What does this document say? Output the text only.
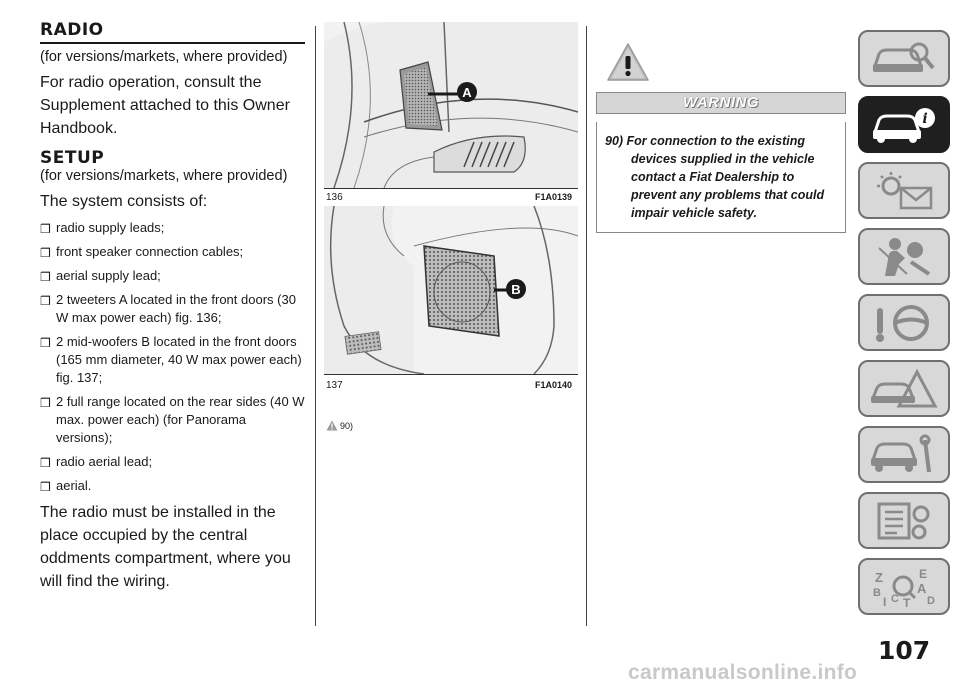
RADIO

(for versions/markets, where provided)

For radio operation, consult the Supplement attached to this Owner Handbook.

SETUP

(for versions/markets, where provided)

The system consists of:

❒ radio supply leads;
❒ front speaker connection cables;
❒ aerial supply lead;
❒ 2 tweeters A located in the front doors (30 W max power each) fig. 136;
❒ 2 mid-woofers B located in the front doors (165 mm diameter, 40 W max power each) fig. 137;
❒ 2 full range located on the rear sides (40 W max. power each) (for Panorama versions);
❒ radio aerial lead;
❒ aerial.

The radio must be installed in the place occupied by the central oddments compartment, where you will find the wiring.

A
136	F1A0139
B
137	F1A0140
90)
WARNING

90) For connection to the existing devices supplied in the vehicle contact a Fiat Dealership to prevent any problems that could impair vehicle safety.

i
Z	E
A
B
I C T D
107
carmanualsonline.info
